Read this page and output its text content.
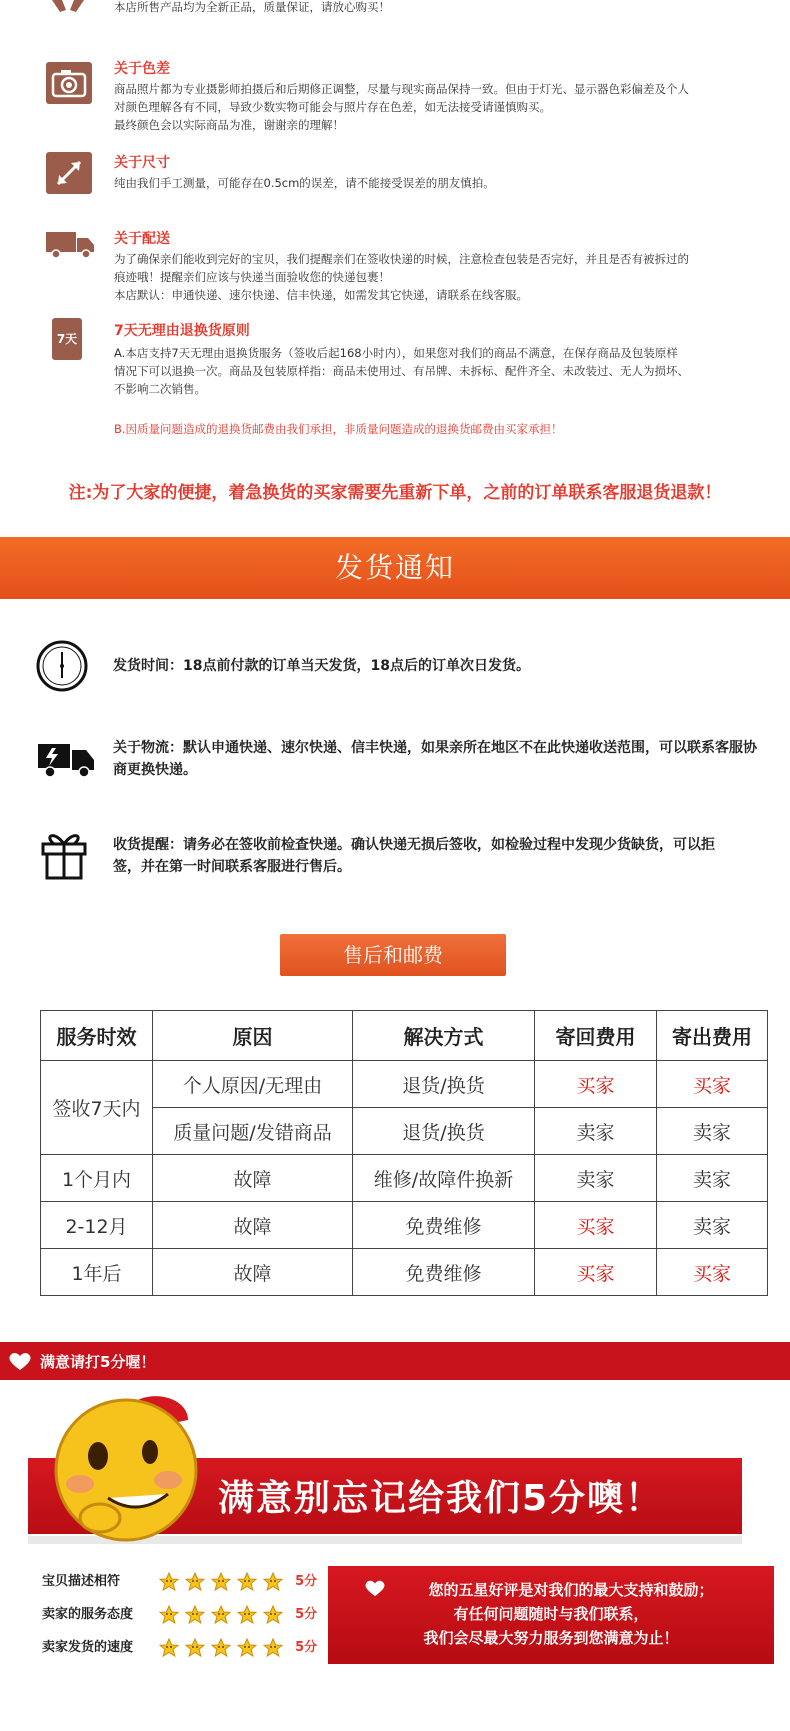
本店所售产品均为全新正品，质量保证，请放心购买！
关于色差
商品照片都为专业摄影师拍摄后和后期修正调整，尽量与现实商品保持一致。但由于灯光、显示器色彩偏差及个人
对颜色理解各有不同，导致少数实物可能会与照片存在色差，如无法接受请谨慎购买。
最终颜色会以实际商品为准，谢谢亲的理解！
关于尺寸
纯由我们手工测量，可能存在0.5cm的误差，请不能接受误差的朋友慎拍。
关于配送
为了确保亲们能收到完好的宝贝，我们提醒亲们在签收快递的时候，注意检查包装是否完好，并且是否有被拆过的
痕迹哦！提醒亲们应该与快递当面验收您的快递包裹！
本店默认：申通快递、速尔快递、信丰快递，如需发其它快递，请联系在线客服。
7天	7天无理由退换货原则
A.本店支持7天无理由退换货服务（签收后起168小时内），如果您对我们的商品不满意，在保存商品及包装原样
情况下可以退换一次。商品及包装原样指：商品未使用过、有吊牌、未拆标、配件齐全、未改装过、无人为损坏、
不影响二次销售。
B.因质量问题造成的退换货邮费由我们承担，非质量问题造成的退换货邮费由买家承担！
注:为了大家的便捷，着急换货的买家需要先重新下单，之前的订单联系客服退货退款！
发货通知
发货时间：18点前付款的订单当天发货，18点后的订单次日发货。
关于物流：默认申通快递、速尔快递、信丰快递，如果亲所在地区不在此快递收送范围，可以联系客服协商更换快递。
收货提醒：请务必在签收前检查快递。确认快递无损后签收，如检验过程中发现少货缺货，可以拒签，并在第一时间联系客服进行售后。
售后和邮费
服务时效	原因	解决方式	寄回费用	寄出费用
签收7天内	个人原因/无理由	退货/换货	买家	买家
	质量问题/发错商品	退货/换货	卖家	卖家
1个月内	故障	维修/故障件换新	卖家	卖家
2-12月	故障	免费维修	买家	卖家
1年后	故障	免费维修	买家	买家
满意请打5分喔！
满意别忘记给我们5分噢！
宝贝描述相符	5分
卖家的服务态度	5分
卖家发货的速度	5分
您的五星好评是对我们的最大支持和鼓励；
有任何问题随时与我们联系，
我们会尽最大努力服务到您满意为止！
